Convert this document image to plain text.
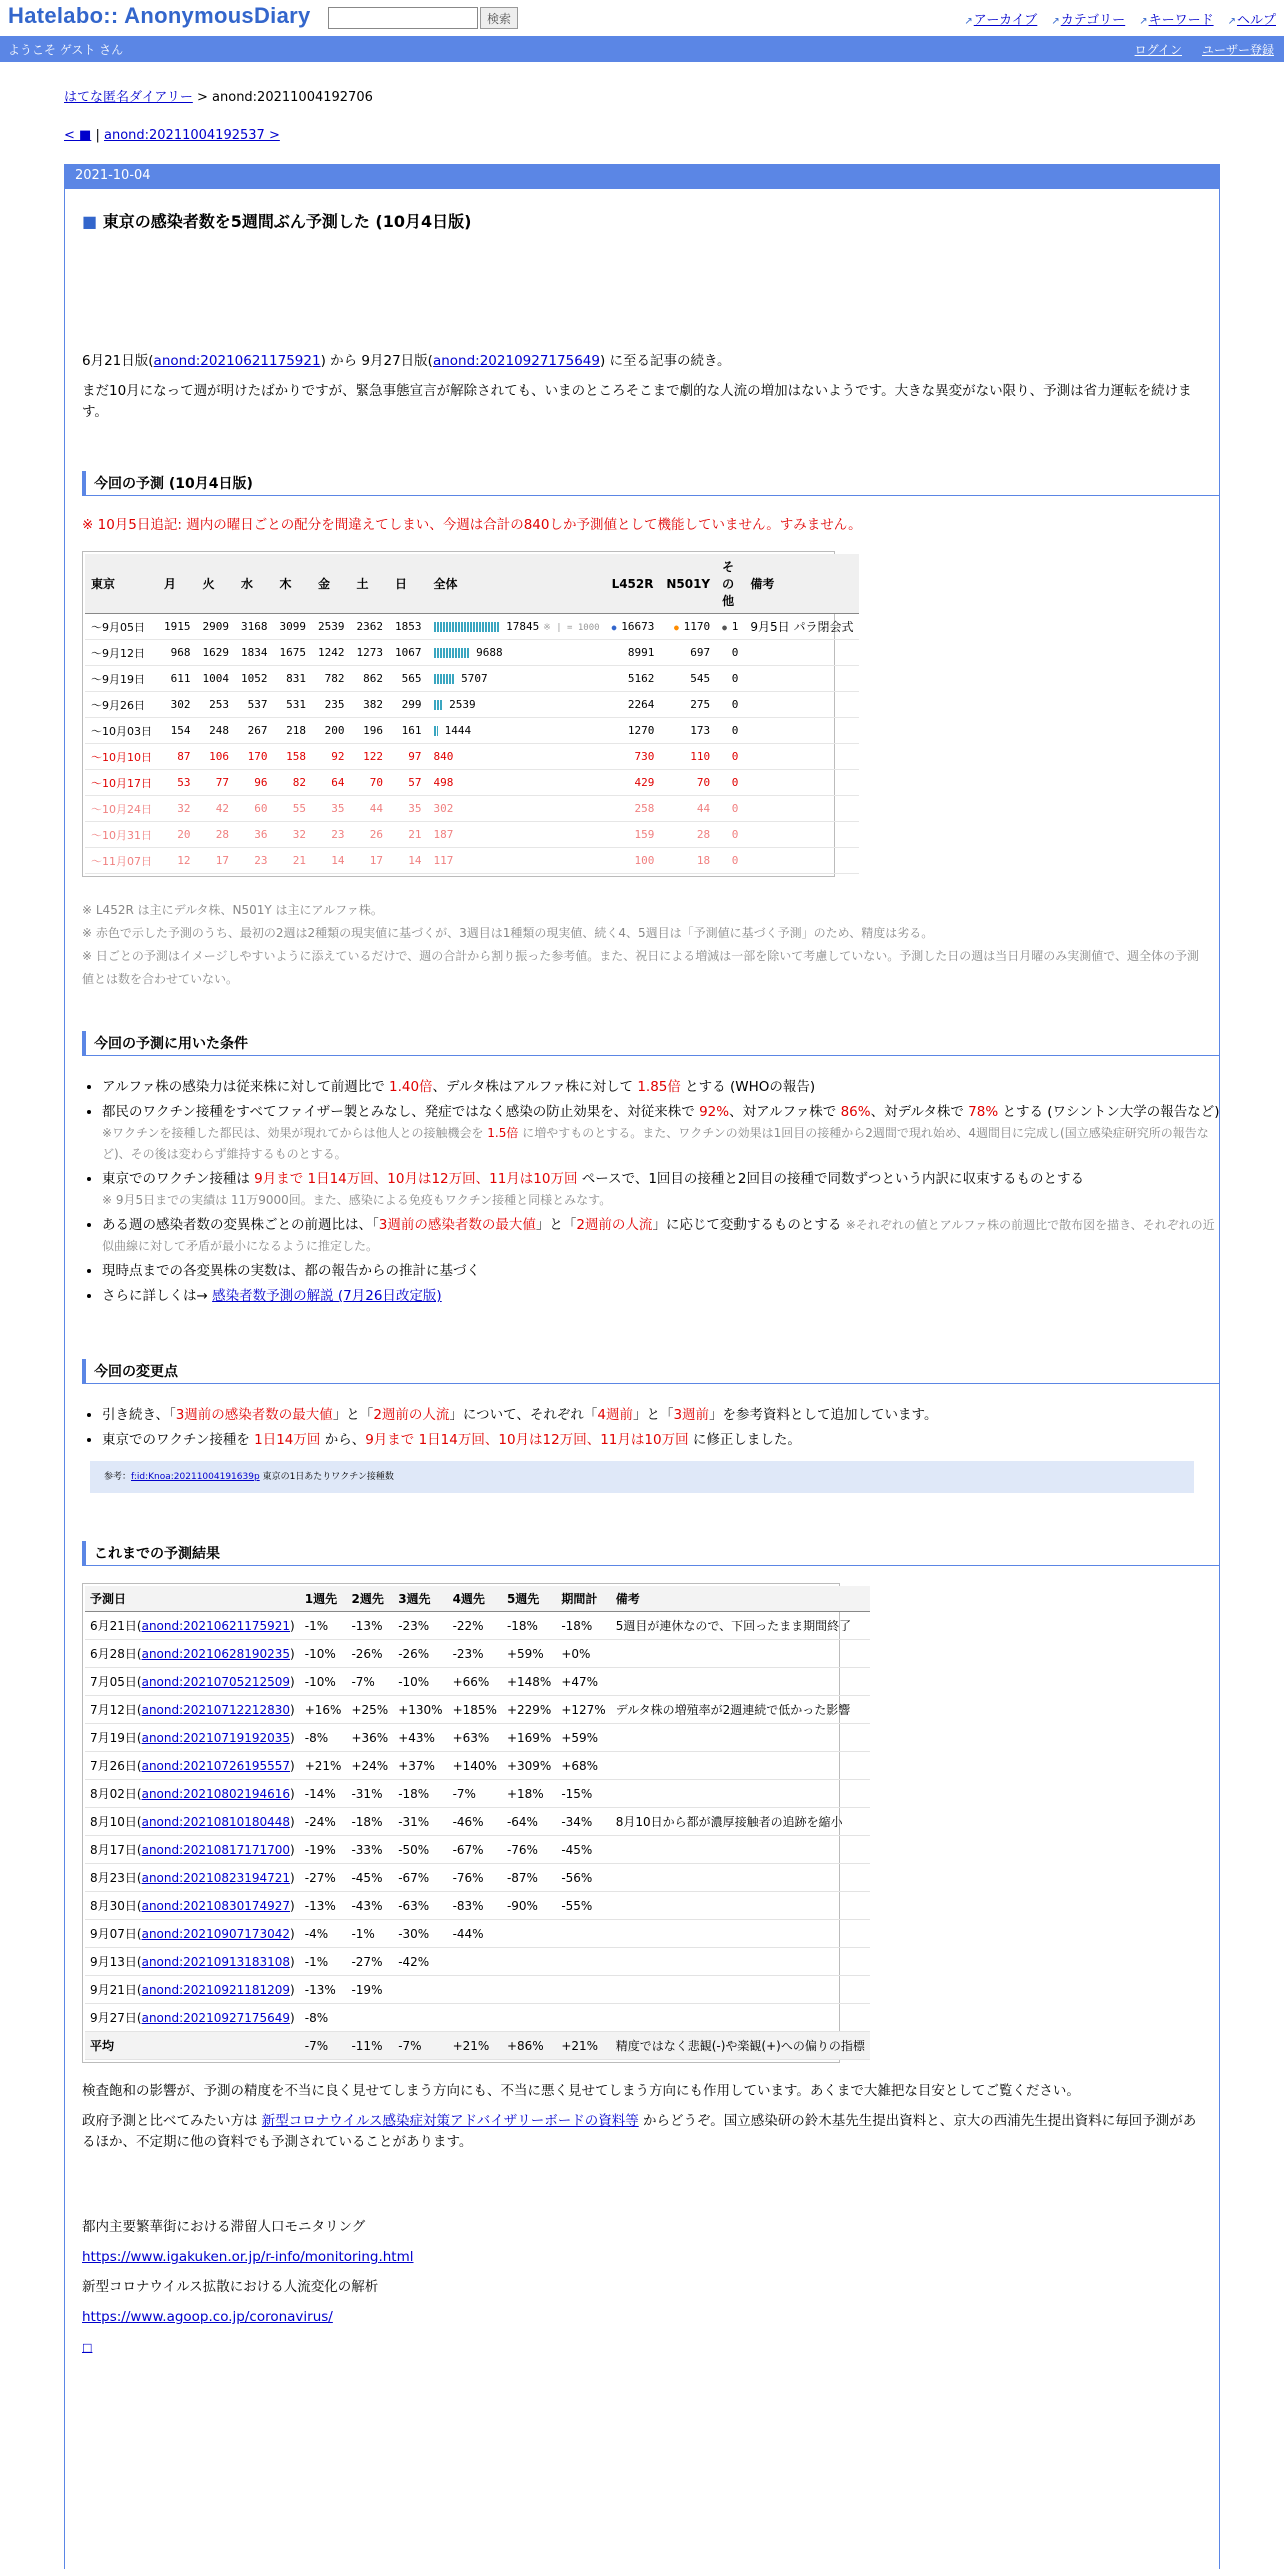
Hatelabo:: AnonymousDiary	検索	↗ アーカイブ ↗ カテゴリー ↗ キーワード ↗ ヘルプ
ようこそ ゲスト さん	ログイン ユーザー登録
はてな匿名ダイアリー > anond:20211004192706
< ■ | anond:20211004192537 >
2021-10-04
■ 東京の感染者数を5週間ぶん予測した (10月4日版)
6月21日版(anond:20210621175921) から 9月27日版(anond:20210927175649) に至る記事の続き。
まだ10月になって週が明けたばかりですが、緊急事態宣言が解除されても、いまのところそこまで劇的な人流の増加はないようです。大きな異変がない限り、予測は省力運転を続けます。
今回の予測 (10月4日版)
※ 10月5日追記: 週内の曜日ごとの配分を間違えてしまい、今週は合計の840しか予測値として機能していません。すみません。
東京	月	火	水	木	金	土	日	全体	L452R	N501Y	その他	備考
～9月05日	1915	2909	3168	3099	2539	2362	1853	17845 ※ | = 1000	● 16673	● 1170	● 1	9月5日 パラ閉会式
～9月12日	968	1629	1834	1675	1242	1273	1067	9688	8991	697	0	
～9月19日	611	1004	1052	831	782	862	565	5707	5162	545	0	
～9月26日	302	253	537	531	235	382	299	2539	2264	275	0	
～10月03日	154	248	267	218	200	196	161	1444	1270	173	0	
～10月10日	87	106	170	158	92	122	97	840	730	110	0	
～10月17日	53	77	96	82	64	70	57	498	429	70	0	
～10月24日	32	42	60	55	35	44	35	302	258	44	0	
～10月31日	20	28	36	32	23	26	21	187	159	28	0	
～11月07日	12	17	23	21	14	17	14	117	100	18	0	
※ L452R は主にデルタ株、N501Y は主にアルファ株。
※ 赤色で示した予測のうち、最初の2週は2種類の現実値に基づくが、3週目は1種類の現実値、続く4、5週目は「予測値に基づく予測」のため、精度は劣る。
※ 日ごとの予測はイメージしやすいように添えているだけで、週の合計から割り振った参考値。また、祝日による増減は一部を除いて考慮していない。予測した日の週は当日月曜のみ実測値で、週全体の予測値とは数を合わせていない。
今回の予測に用いた条件
• アルファ株の感染力は従来株に対して前週比で 1.40倍、デルタ株はアルファ株に対して 1.85倍 とする (WHOの報告)
• 都民のワクチン接種をすべてファイザー製とみなし、発症ではなく感染の防止効果を、対従来株で 92%、対アルファ株で 86%、対デルタ株で 78% とする (ワシントン大学の報告など) ※ワクチンを接種した都民は、効果が現れてからは他人との接触機会を 1.5倍 に増やすものとする。また、ワクチンの効果は1回目の接種から2週間で現れ始め、4週間目に完成し(国立感染症研究所の報告など)、その後は変わらず維持するものとする。
• 東京でのワクチン接種は 9月まで 1日14万回、10月は12万回、11月は10万回 ペースで、1回目の接種と2回目の接種で同数ずつという内訳に収束するものとする
※ 9月5日までの実績は 11万9000回。また、感染による免疫もワクチン接種と同様とみなす。
• ある週の感染者数の変異株ごとの前週比は、「3週前の感染者数の最大値」と「2週前の人流」に応じて変動するものとする ※それぞれの値とアルファ株の前週比で散布図を描き、それぞれの近似曲線に対して矛盾が最小になるように推定した。
• 現時点までの各変異株の実数は、都の報告からの推計に基づく
• さらに詳しくは→ 感染者数予測の解説 (7月26日改定版)
今回の変更点
• 引き続き、「3週前の感染者数の最大値」と「2週前の人流」について、それぞれ「4週前」と「3週前」を参考資料として追加しています。
• 東京でのワクチン接種を 1日14万回 から、9月まで 1日14万回、10月は12万回、11月は10万回 に修正しました。
参考：f:id:Knoa:20211004191639p 東京の1日あたりワクチン接種数
これまでの予測結果
予測日	1週先	2週先	3週先	4週先	5週先	期間計	備考
6月21日(anond:20210621175921)	-1%	-13%	-23%	-22%	-18%	-18%	5週目が連休なので、下回ったまま期間終了
6月28日(anond:20210628190235)	-10%	-26%	-26%	-23%	+59%	+0%	
7月05日(anond:20210705212509)	-10%	-7%	-10%	+66%	+148%	+47%	
7月12日(anond:20210712212830)	+16%	+25%	+130%	+185%	+229%	+127%	デルタ株の増殖率が2週連続で低かった影響
7月19日(anond:20210719192035)	-8%	+36%	+43%	+63%	+169%	+59%	
7月26日(anond:20210726195557)	+21%	+24%	+37%	+140%	+309%	+68%	
8月02日(anond:20210802194616)	-14%	-31%	-18%	-7%	+18%	-15%	
8月10日(anond:20210810180448)	-24%	-18%	-31%	-46%	-64%	-34%	8月10日から都が濃厚接触者の追跡を縮小
8月17日(anond:20210817171700)	-19%	-33%	-50%	-67%	-76%	-45%	
8月23日(anond:20210823194721)	-27%	-45%	-67%	-76%	-87%	-56%	
8月30日(anond:20210830174927)	-13%	-43%	-63%	-83%	-90%	-55%	
9月07日(anond:20210907173042)	-4%	-1%	-30%	-44%			
9月13日(anond:20210913183108)	-1%	-27%	-42%				
9月21日(anond:20210921181209)	-13%	-19%					
9月27日(anond:20210927175649)	-8%						
平均	-7%	-11%	-7%	+21%	+86%	+21%	精度ではなく悲観(-)や楽観(+)への偏りの指標
検査飽和の影響が、予測の精度を不当に良く見せてしまう方向にも、不当に悪く見せてしまう方向にも作用しています。あくまで大雑把な目安としてご覧ください。
政府予測と比べてみたい方は 新型コロナウイルス感染症対策アドバイザリーボードの資料等 からどうぞ。国立感染研の鈴木基先生提出資料と、京大の西浦先生提出資料に毎回予測があるほか、不定期に他の資料でも予測されていることがあります。
都内主要繁華街における滞留人口モニタリング
https://www.igakuken.or.jp/r-info/monitoring.html
新型コロナウイルス拡散における人流変化の解析
https://www.agoop.co.jp/coronavirus/
□
